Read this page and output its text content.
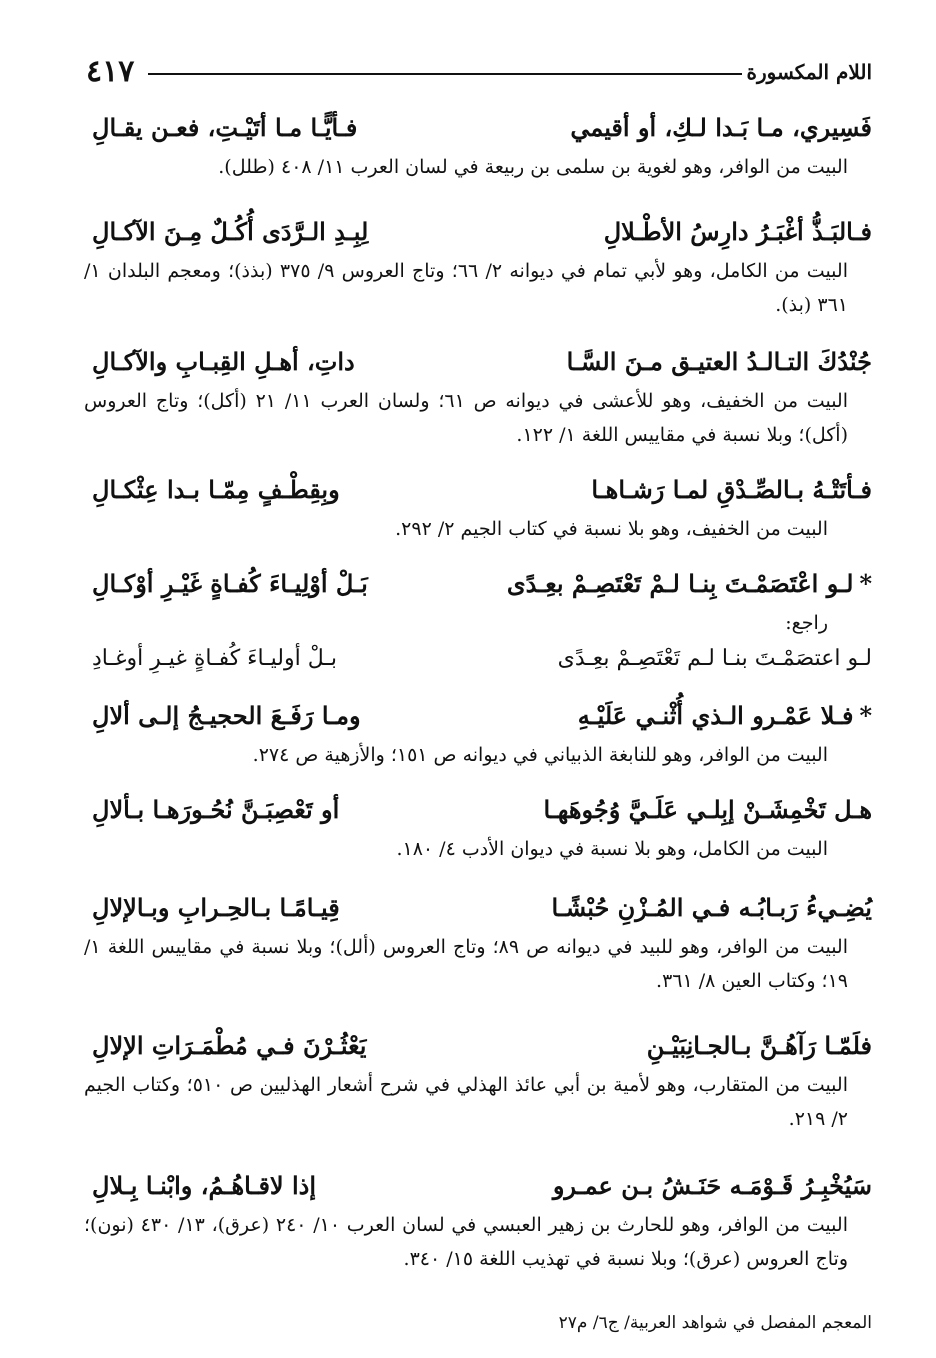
٤١٧	اللام المكسورة
فَسِيري، مـا بَـدا لـكِ، أو أقيمي
فـأيًّـا مـا أتَيْـتِ، فعـن يقـالِ
البيت من الوافر، وهو لغوية بن سلمى بن ربيعة في لسان العرب ١١/ ٤٠٨ (طلل).
فـالبَـذُّ أغْبَـرُ دارِسُ الأطْـلالِ
لِبِـدِ الـرَّدَى أُكُـلٌ مِـنَ الآكـالِ
البيت من الكامل، وهو لأبي تمام في ديوانه ٢/ ٦٦؛ وتاج العروس ٩/ ٣٧٥ (بذذ)؛ ومعجم البلدان ١/ ٣٦١ (بذ).
جُنْدُكَ التـالـدُ العتيـق مـنَ السَّـا
داتِ، أهـلِ القِبـابِ والآكـالِ
البيت من الخفيف، وهو للأعشى في ديوانه ص ٦١؛ ولسان العرب ١١/ ٢١ (أكل)؛ وتاج العروس (أكل)؛ وبلا نسبة في مقاييس اللغة ١/ ١٢٢.
فـأتَتْـهُ بـالصِّـدْقِ لمـا رَشـاهـا
وبِقِطْـفٍ مِمّـا بـدا عِثْكـالِ
البيت من الخفيف، وهو بلا نسبة في كتاب الجيم ٢/ ٢٩٢.
*لـو اعْتَصَمْـتَ بِنـا لـمْ تَعْتَصِـمْ بعِـدًى
بَـلْ أوْلِيـاءَ كُفـاةٍ غَيْـرِ أوْكـالِ
راجع:
لـو اعتصَمْـتَ بنـا لـم تَعْتَصِـمْ بعِـدًى
بـلْ أوليـاءَ كُفـاةٍ غيـرِ أوغـادِ
*فـلا عَمْـرو الـذي أُثْنـي عَلَيْـهِ
ومـا رَفَـعَ الحجيـجُ إلـى ألالِ
البيت من الوافر، وهو للنابغة الذبياني في ديوانه ص ١٥١؛ والأزهية ص ٢٧٤.
هـل تَخْمِشَـنْ إبِلـي عَلَـيَّ وُجُوهَهـا
أو تَعْصِبَـنَّ نُحُـورَهـا بـألالِ
البيت من الكامل، وهو بلا نسبة في ديوان الأدب ٤/ ١٨٠.
يُضِـيءُ رَبـابُـه فـي المُـزْنِ حُبْشًـا
قِيـامًـا بـالحِـرابِ وبـالإلالِ
البيت من الوافر، وهو للبيد في ديوانه ص ٨٩؛ وتاج العروس (ألل)؛ وبلا نسبة في مقاييس اللغة ١/ ١٩؛ وكتاب العين ٨/ ٣٦١.
فلَمّـا رَآهُـنَّ بـالجـانِبَيْـنِ
يَعْثُـرْنَ فـي مُطْمَـرَاتِ الإلالِ
البيت من المتقارب، وهو لأمية بن أبي عائذ الهذلي في شرح أشعار الهذليين ص ٥١٠؛ وكتاب الجيم ٢/ ٢١٩.
سَيُخْبِـرُ قَـوْمَـه حَنَـشُ بـن عمـرو
إذا لاقـاهُـمُ، وابْنـا بِـلالِ
البيت من الوافر، وهو للحارث بن زهير العبسي في لسان العرب ١٠/ ٢٤٠ (عرق)، ١٣/ ٤٣٠ (نون)؛ وتاج العروس (عرق)؛ وبلا نسبة في تهذيب اللغة ١٥/ ٣٤٠.
المعجم المفصل في شواهد العربية/ ج٦/ م٢٧
